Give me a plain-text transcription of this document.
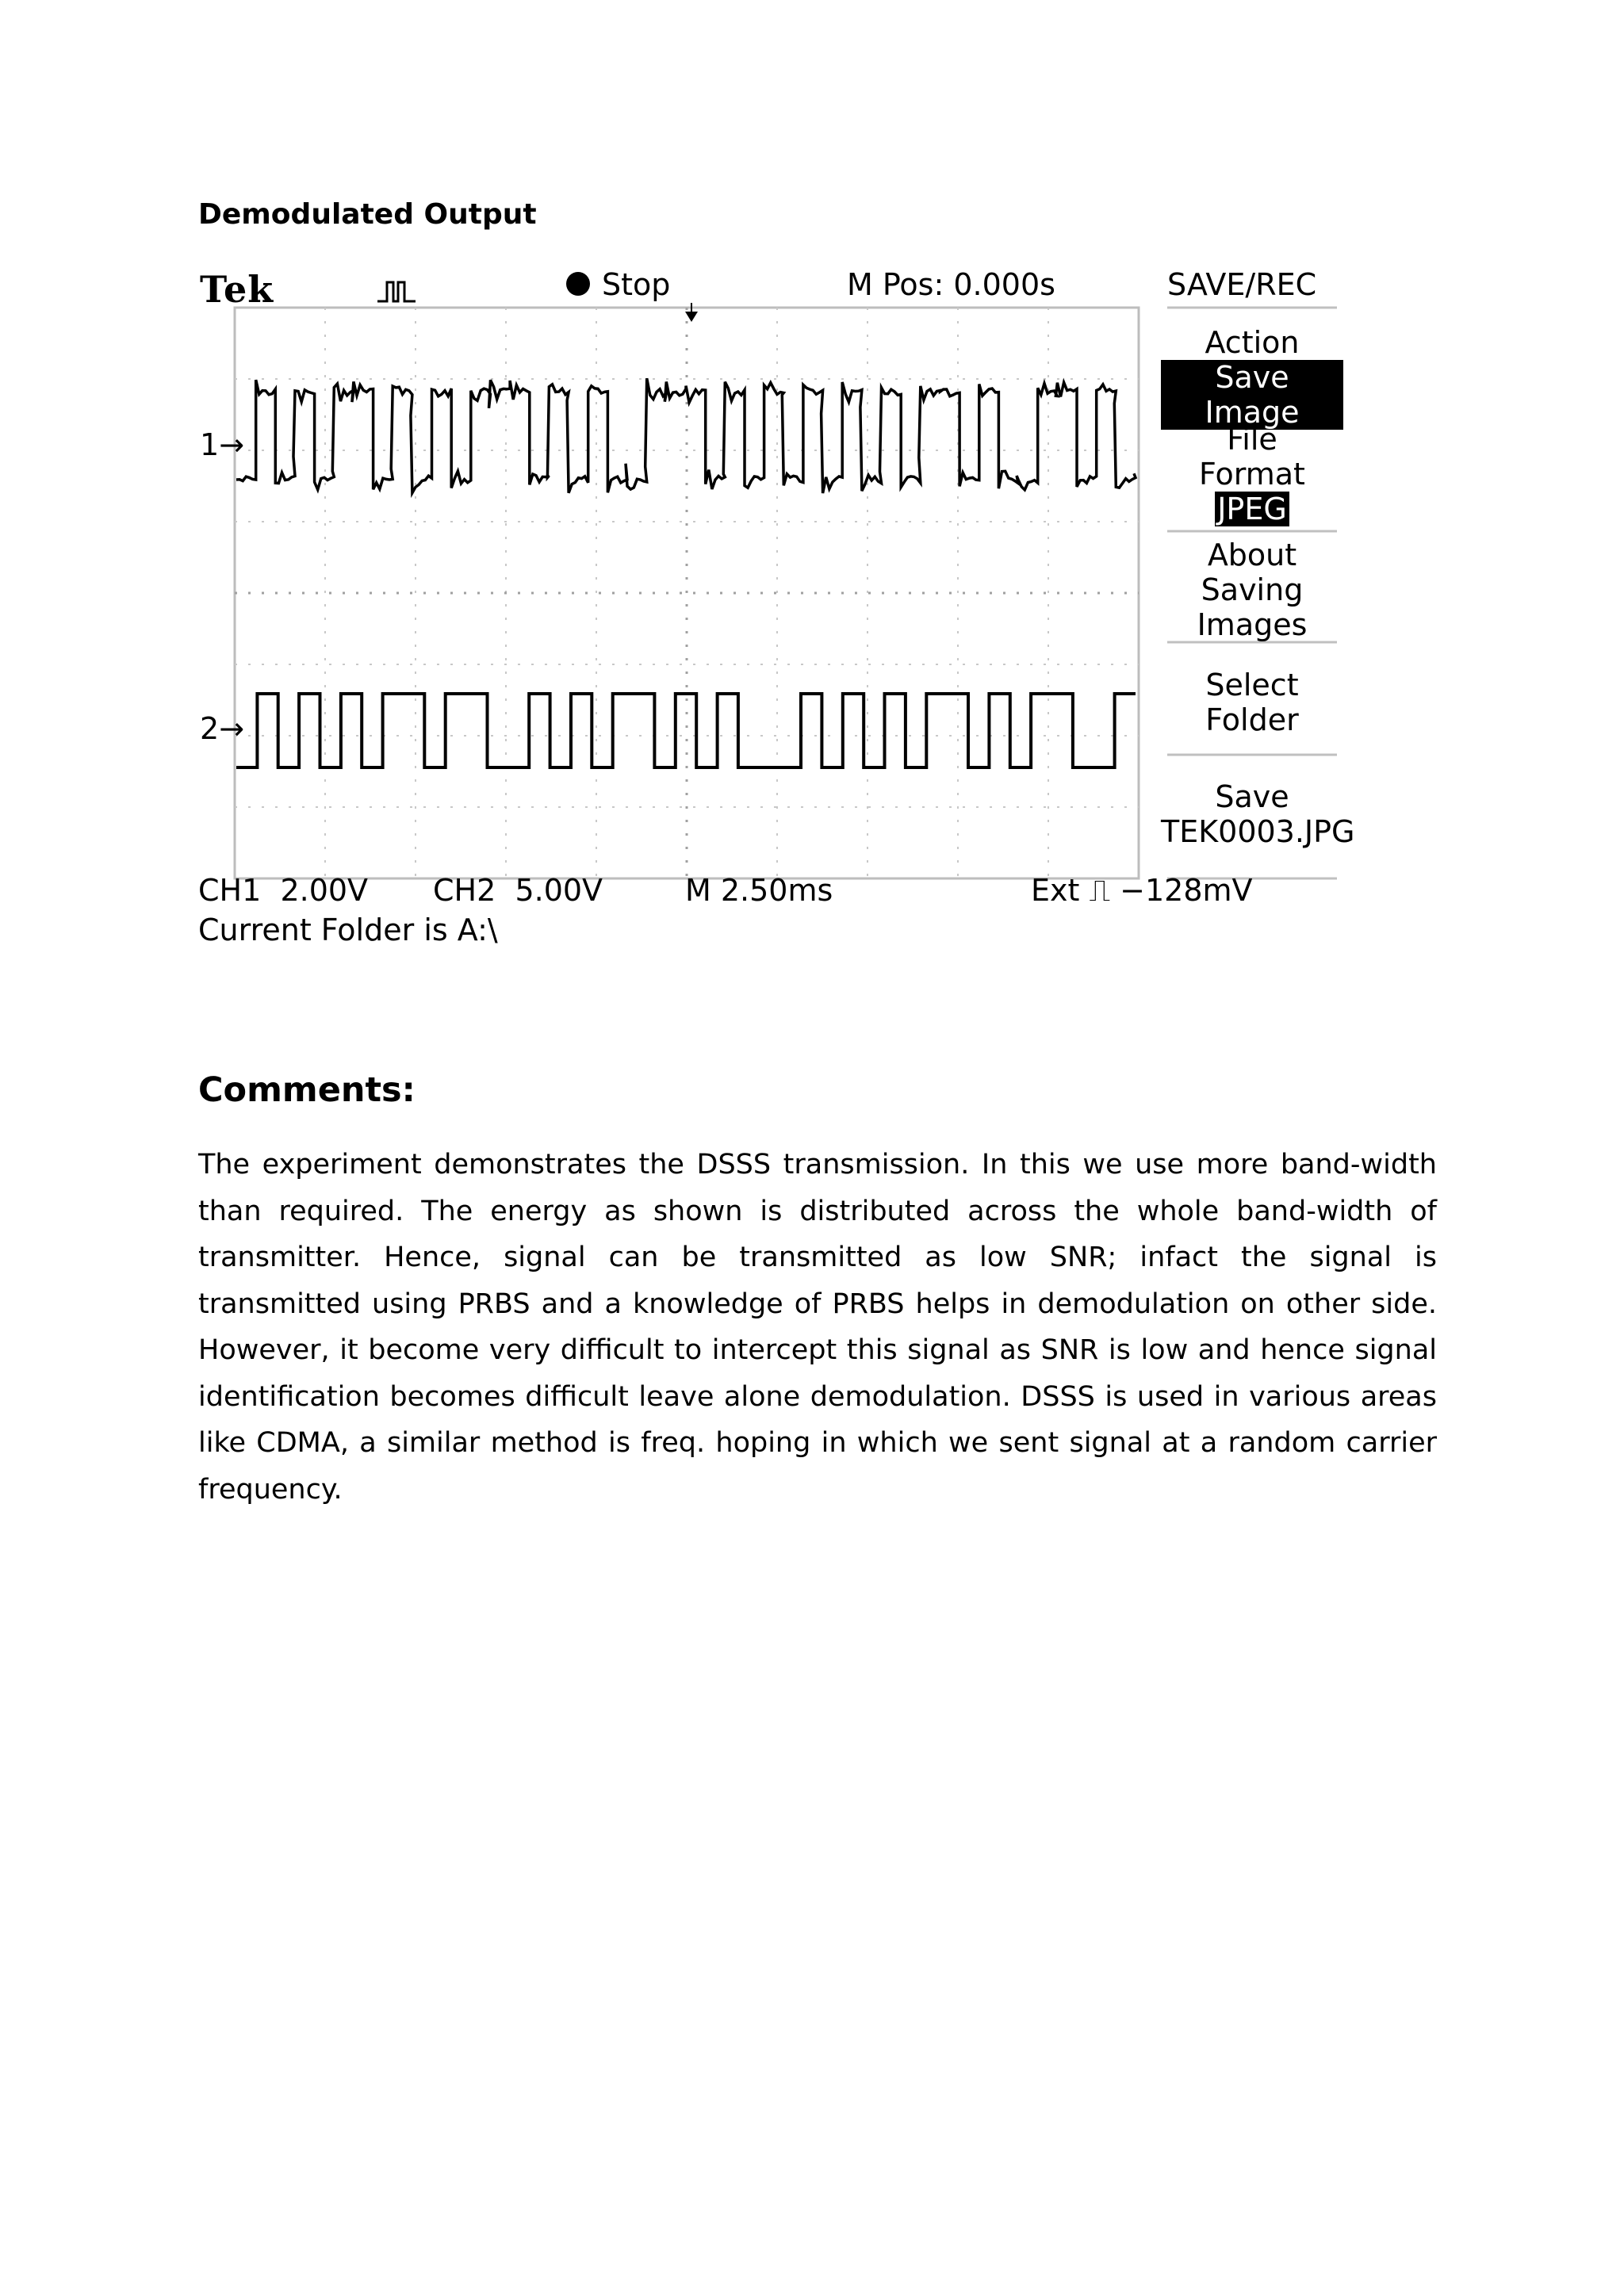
Demodulated Output
Tek	Stop	M Pos: 0.000s	SAVE/REC
Action
Save Image
File
Format
JPEG
About
Saving
Images
Select
Folder
Save
TEK0003.JPG
1→
2→
CH1  2.00V CH2  5.00V	M 2.50ms	Ext ⎍ −128mV
Current Folder is A:\
Comments:

The experiment demonstrates the DSSS transmission. In this we use more band-width than required. The energy as shown is distributed across the whole band-width of transmitter. Hence, signal can be transmitted as low SNR; infact the signal is transmitted using PRBS and a knowledge of PRBS helps in demodulation on other side. However, it become very difficult to intercept this signal as SNR is low and hence signal identification becomes difficult leave alone demodulation. DSSS is used in various areas like CDMA, a similar method is freq. hoping in which we sent signal at a random carrier frequency.
